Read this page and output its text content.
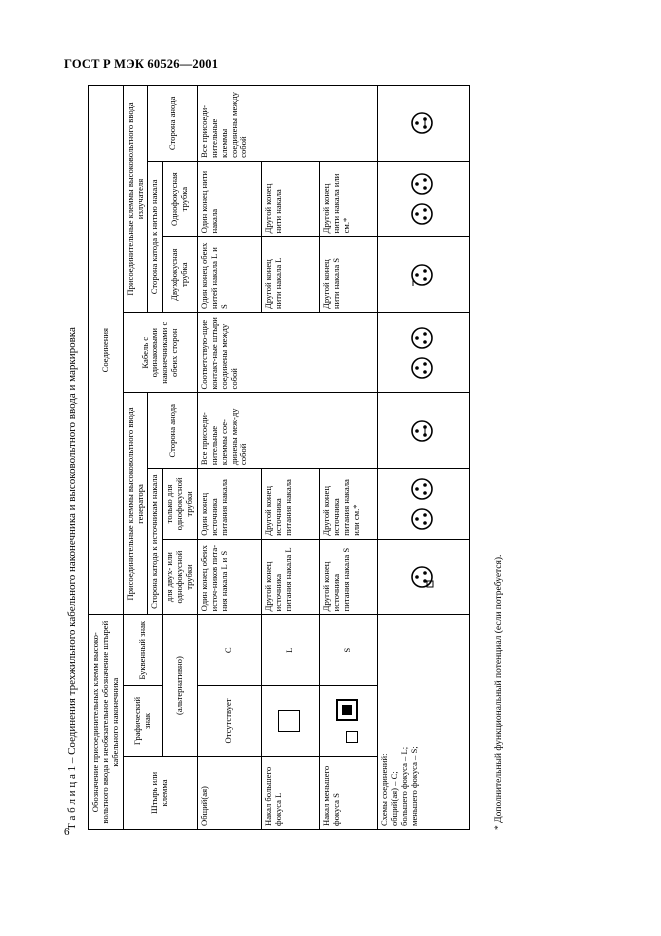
ГОСТ Р МЭК 60526—2001
6
Т а б л и ц а 1 – Соединения трехжильного кабельного наконечника и высоковольтного ввода и маркировка	Обозначение присоединительных клемм высоко-вольтного ввода и необязательное обозначение штырей кабельного наконечника			Соединения						
Штырь или клемма	Графический знак	Буквенный знак	Присоединительные клеммы высоковольтного ввода генератора			Кабель с одинаковыми наконечниками с обеих сторон	Присоединительные клеммы высоковольтного ввода излучателя		
			Сторона катода к источникам накала		Сторона анода		Сторона катода к нитью накала		Сторона анода
	(альтернативно)		для двух- или однофокусной трубки	только для однофокусной трубки			Двухфокусная трубка	Однофокусная трубка	
Общий(ая)	Отсутствует	С	Один конец обеих источ-ников пита-ния накала L и S	Один конец источника питания накала	Все присоеди-нительные клеммы сое-динены меж-ду собой	Соответствую-щие контакт-ные штыри соединены между собой	Один конец обеих нитей накала L и S	Один конец нити накала	Все присоеди-нительные клеммы соединены между собой
Накал большего фокуса L		L	Другой конец источника питания накала L	Другой конец источника питания накала			Другой конец нити накала L	Другой конец нити накала	
Накал меньшего фокуса S		S	Другой конец источника питания накала S	Другой конец источника питания накала или см.*			Другой конец нити накала S	Другой конец нити накала или см.*	

Схемы соединений: общий(ая) – С; большего фокуса – L; меньшего фокуса – S;
								* Дополнительный функциональный потенциал (если потребуется).
